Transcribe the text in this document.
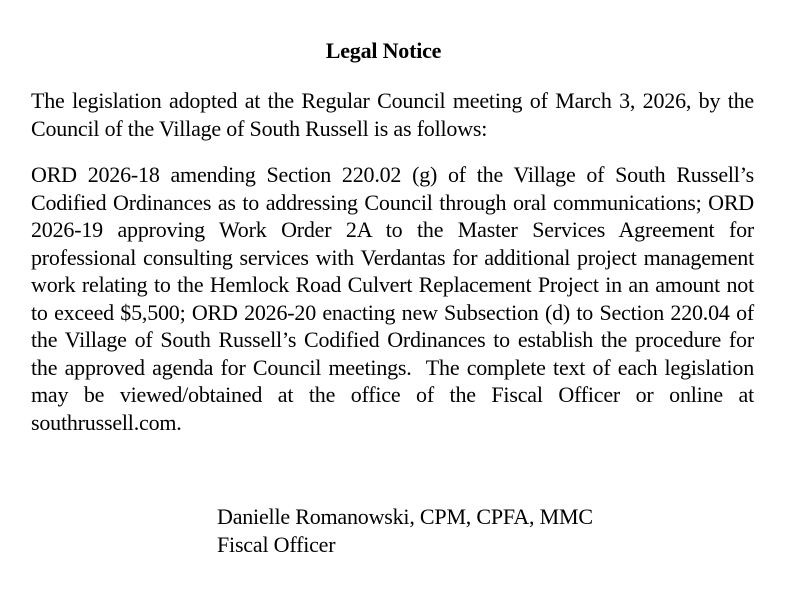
Legal Notice

The legislation adopted at the Regular Council meeting of March 3, 2026, by the Council of the Village of South Russell is as follows:

ORD 2026-18 amending Section 220.02 (g) of the Village of South Russell’s Codified Ordinances as to addressing Council through oral communications; ORD 2026-19 approving Work Order 2A to the Master Services Agreement for professional consulting services with Verdantas for additional project management work relating to the Hemlock Road Culvert Replacement Project in an amount not to exceed $5,500; ORD 2026-20 enacting new Subsection (d) to Section 220.04 of the Village of South Russell’s Codified Ordinances to establish the procedure for the approved agenda for Council meetings.  The complete text of each legislation may be viewed/obtained at the office of the Fiscal Officer or online at southrussell.com.

Danielle Romanowski, CPM, CPFA, MMC
Fiscal Officer
